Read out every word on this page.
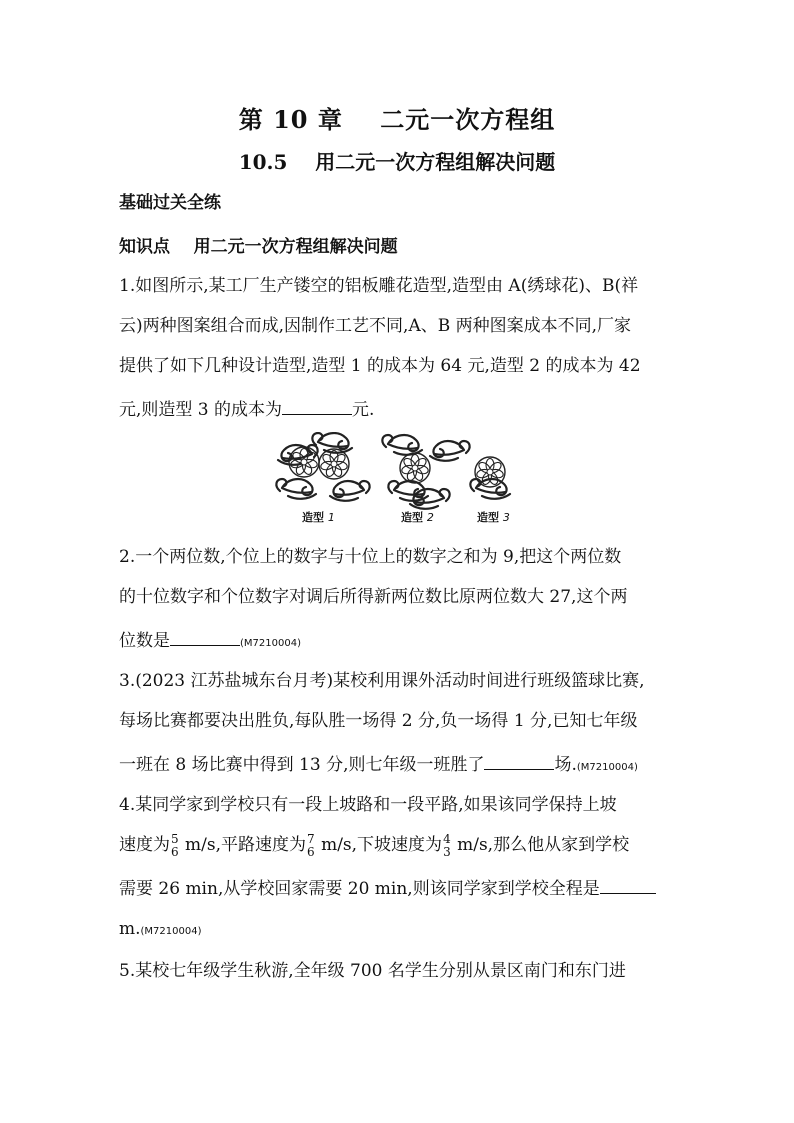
第 10 章    二元一次方程组
10.5    用二元一次方程组解决问题
基础过关全练
知识点    用二元一次方程组解决问题
1.如图所示,某工厂生产镂空的铝板雕花造型,造型由 A(绣球花)、B(祥
云)两种图案组合而成,因制作工艺不同,A、B 两种图案成本不同,厂家
提供了如下几种设计造型,造型 1 的成本为 64 元,造型 2 的成本为 42
元,则造型 3 的成本为	元.
造型 1	造型 2	造型 3
2.一个两位数,个位上的数字与十位上的数字之和为 9,把这个两位数
的十位数字和个位数字对调后所得新两位数比原两位数大 27,这个两
位数是	(M7210004)
3.(2023 江苏盐城东台月考)某校利用课外活动时间进行班级篮球比赛,
每场比赛都要决出胜负,每队胜一场得 2 分,负一场得 1 分,已知七年级
一班在 8 场比赛中得到 13 分,则七年级一班胜了	场.(M7210004)
4.某同学家到学校只有一段上坡路和一段平路,如果该同学保持上坡
速度为 5
6 m/s,平路速度为 7
6 m/s,下坡速度为 4
3 m/s,那么他从家到学校
需要 26 min,从学校回家需要 20 min,则该同学家到学校全程是
m.(M7210004)
5.某校七年级学生秋游,全年级 700 名学生分别从景区南门和东门进
